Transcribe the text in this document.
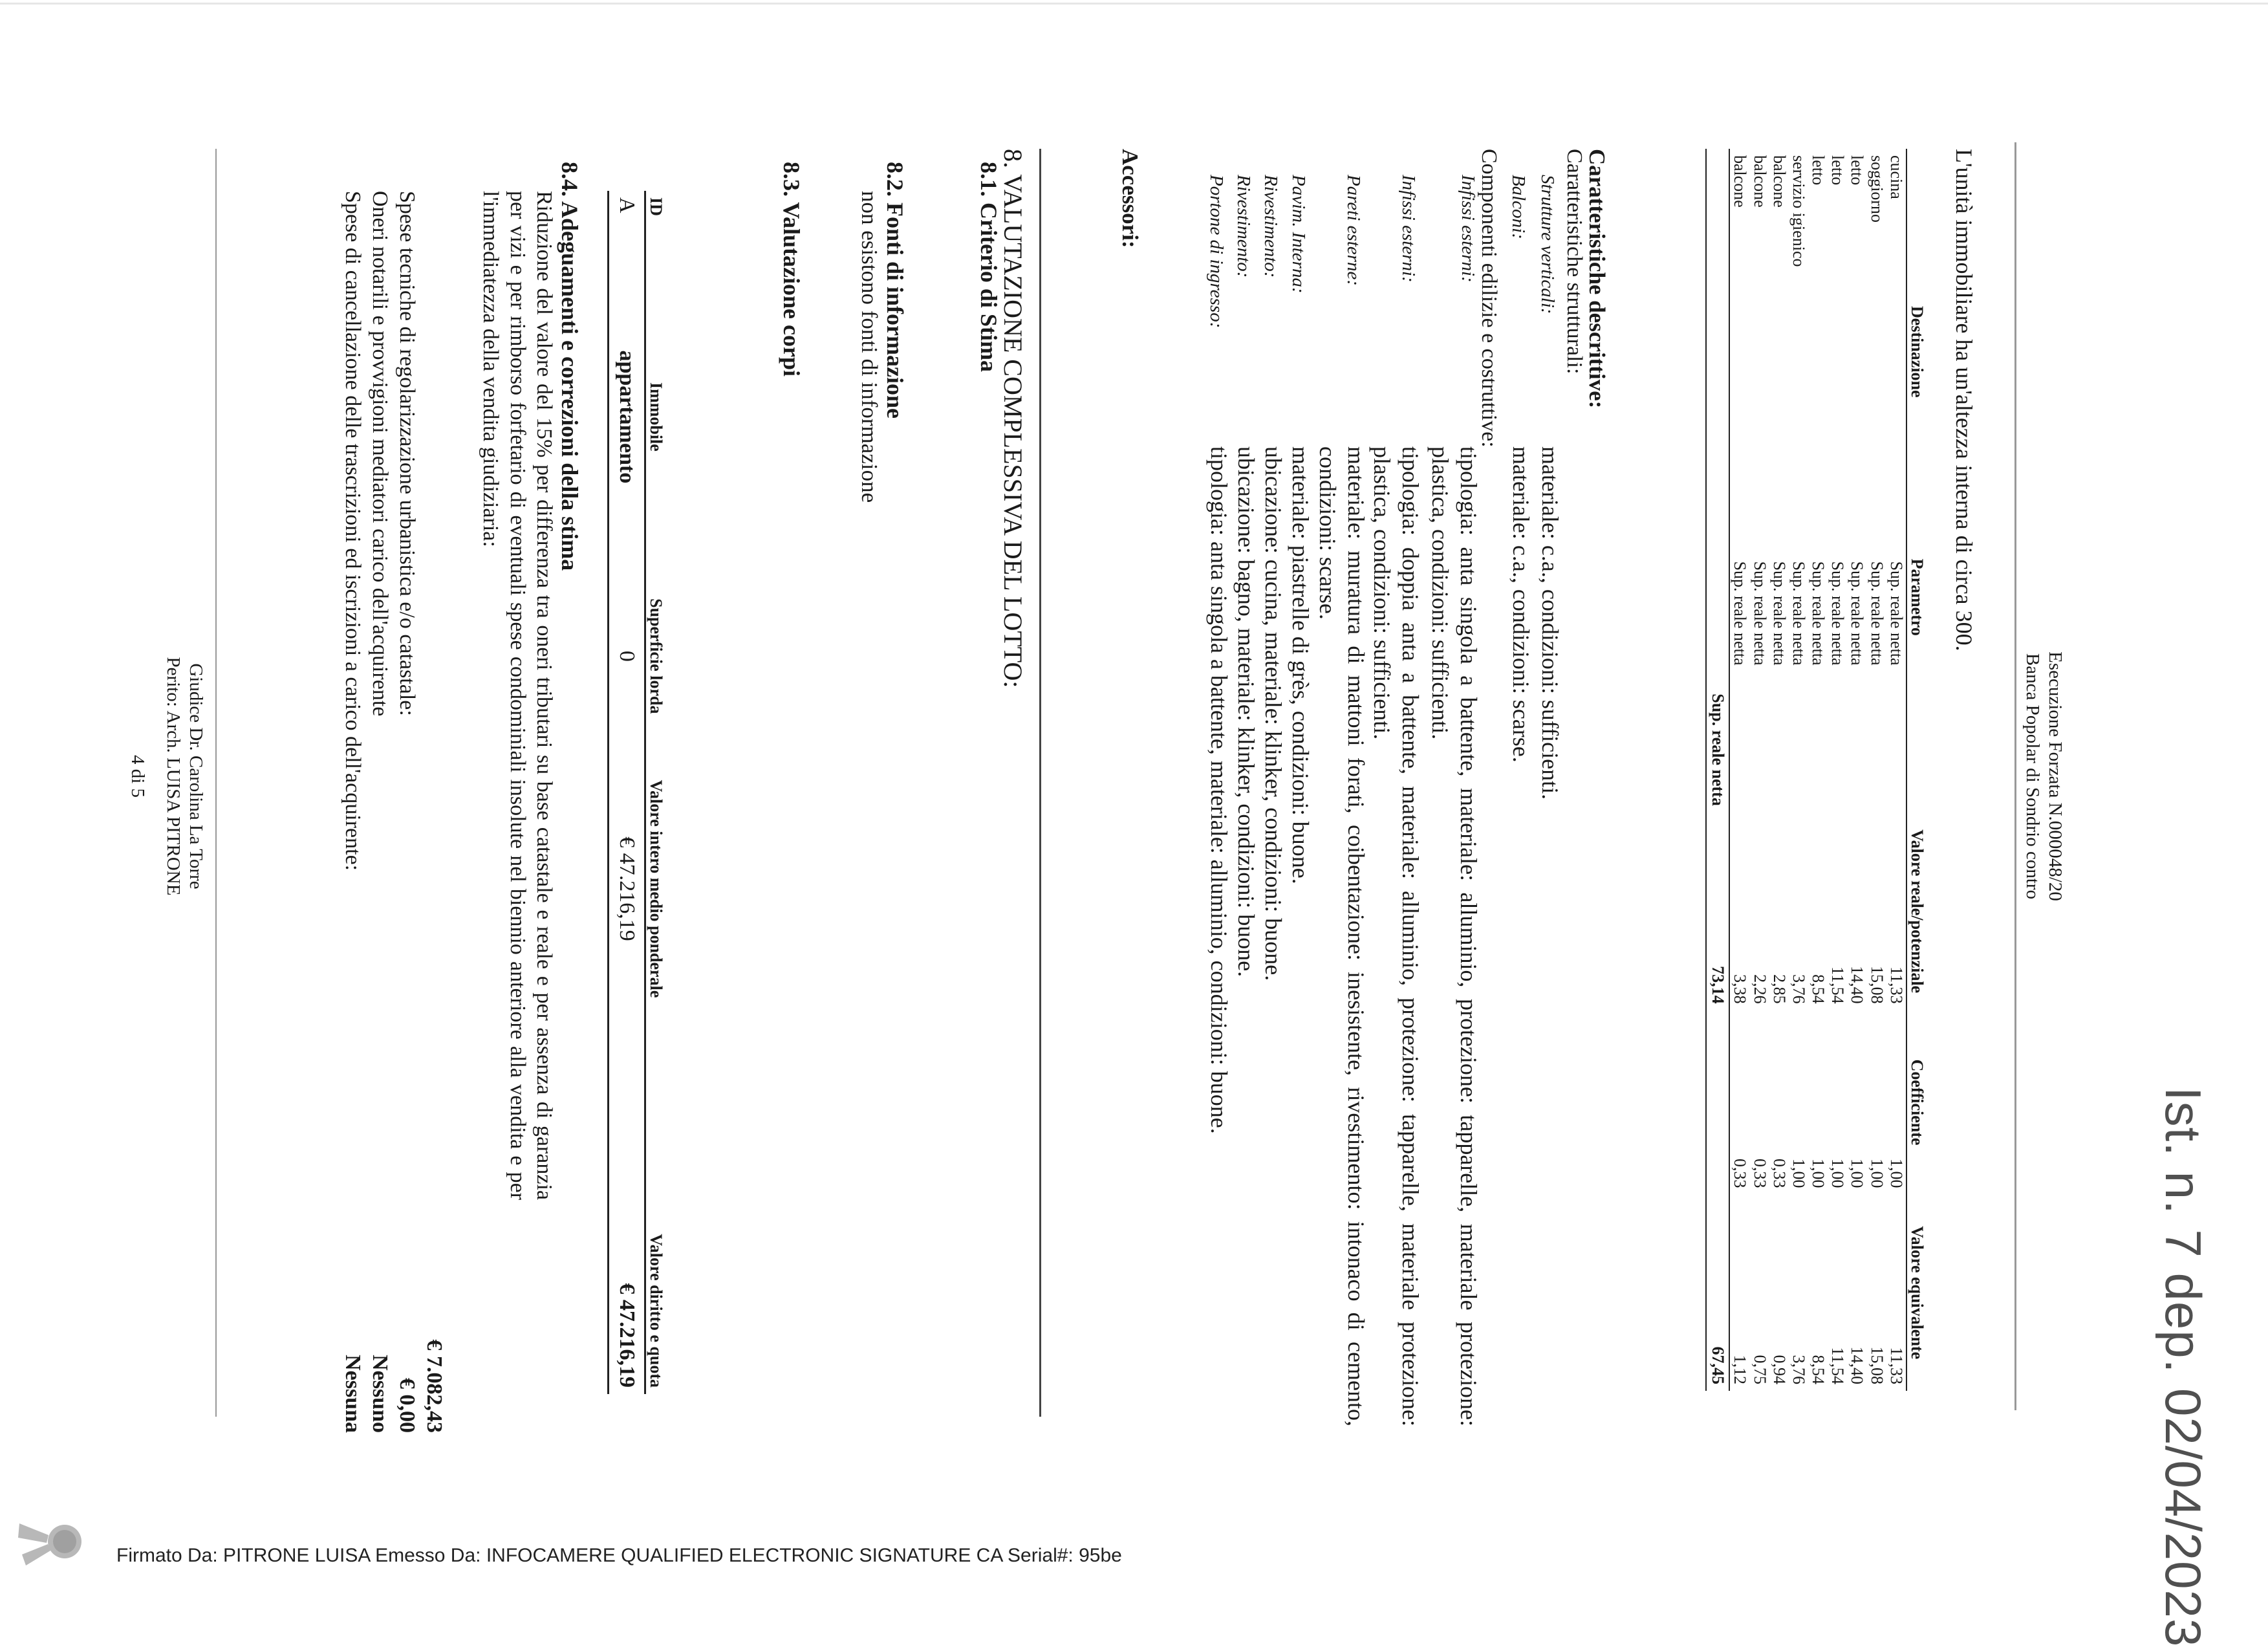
Esecuzione Forzata N.000048/20
Banca Popolar di Sondrio contro
L'unità immobiliare ha un'altezza interna di circa 300.
Destinazione	Parametro	Valore reale/potenziale	Coefficiente	Valore equivalente
cucina	Sup. reale netta	11,33	1,00	11,33
soggiorno	Sup. reale netta	15,08	1,00	15,08
letto	Sup. reale netta	14,40	1,00	14,40
letto	Sup. reale netta	11,54	1,00	11,54
letto	Sup. reale netta	8,54	1,00	8,54
servizio igienico	Sup. reale netta	3,76	1,00	3,76
balcone	Sup. reale netta	2,85	0,33	0,94
balcone	Sup. reale netta	2,26	0,33	0,75
balcone	Sup. reale netta	3,38	0,33	1,12
	Sup. reale netta	73,14		67,45
Caratteristiche descrittive:
Caratteristiche strutturali:
Strutture verticali:
materiale: c.a., condizioni: sufficienti.
Balconi:
materiale: c.a., condizioni: scarse.
Componenti edilizie e costruttive:
Infissi esterni:
tipologia: anta singola a battente, materiale: alluminio, protezione: tapparelle, materiale protezione: plastica, condizioni: sufficienti.
Infissi esterni:
tipologia: doppia anta a battente, materiale: alluminio, protezione: tapparelle, materiale protezione: plastica, condizioni: sufficienti.
Pareti esterne:
materiale: muratura di mattoni forati, coibentazione: inesistente, rivestimento: intonaco di cemento, condizioni: scarse.
Pavim. Interna:
materiale: piastrelle di grès, condizioni: buone.
Rivestimento:
ubicazione: cucina, materiale: klinker, condizioni: buone.
Rivestimento:
ubicazione: bagno, materiale: klinker, condizioni: buone.
Portone di ingresso:
tipologia: anta singola a battente, materiale: alluminio, condizioni: buone.
Accessori:
8. VALUTAZIONE COMPLESSIVA DEL LOTTO:
8.1. Criterio di Stima
8.2. Fonti di informazione
non esistono fonti di informazione
8.3. Valutazione corpi
ID	Immobile	Superficie lorda	Valore intero medio ponderale	Valore diritto e quota
A	appartamento	0	€ 47.216,19	€ 47.216,19
8.4. Adeguamenti e correzioni della stima
Riduzione del valore del 15% per differenza tra oneri tributari su base catastale e reale e per assenza di garanzia per vizi e per rimborso forfetario di eventuali spese condominiali insolute nel biennio anteriore alla vendita e per l'immediatezza della vendita giudiziaria:
€ 7.082,43
Spese tecniche di regolarizzazione urbanistica e/o catastale:
€ 0,00
Oneri notarili e provvigioni mediatori carico dell'acquirente
Nessuno
Spese di cancellazione delle trascrizioni ed iscrizioni a carico dell'acquirente:
Nessuna
Giudice Dr. Carolina La Torre
Perito: Arch. LUISA PITRONE
4 di 5
Ist. n. 7 dep. 02/04/2023
Firmato Da: PITRONE LUISA Emesso Da: INFOCAMERE QUALIFIED ELECTRONIC SIGNATURE CA Serial#: 95be
